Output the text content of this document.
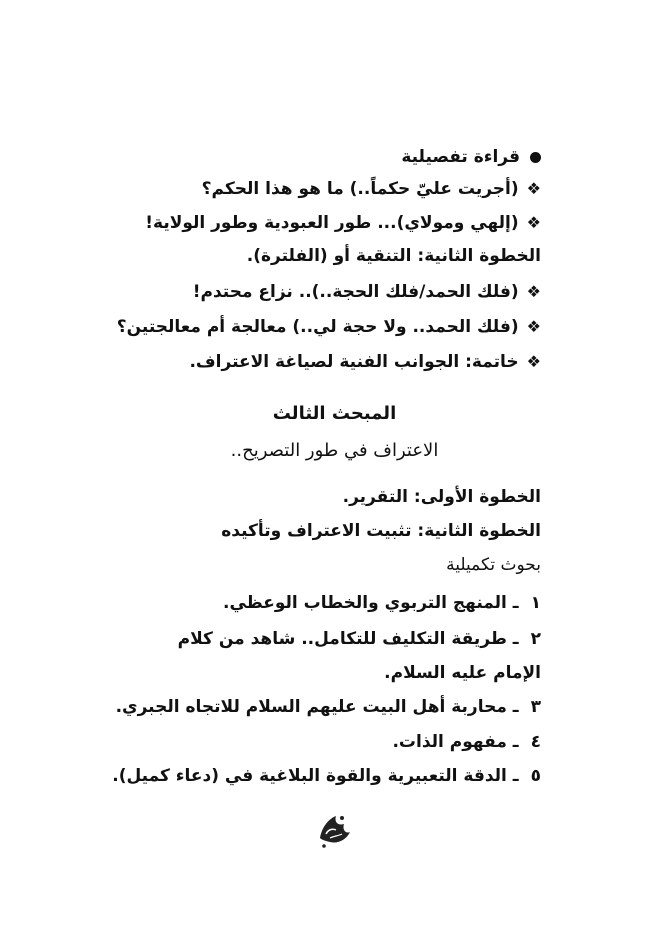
قراءة تفصيلية
❖(أجريت عليّ حكماً..) ما هو هذا الحكم؟
❖(إلهي ومولاي)... طور العبودية وطور الولاية!
الخطوة الثانية: التنقية أو (الفلترة).
❖(فلك الحمد/فلك الحجة..).. نزاع محتدم!
❖(فلك الحمد.. ولا حجة لي..) معالجة أم معالجتين؟
❖خاتمة: الجوانب الفنية لصياغة الاعتراف.
المبحث الثالث
الاعتراف في طور التصريح..
الخطوة الأولى: التقرير.
الخطوة الثانية: تثبيت الاعتراف وتأكيده
بحوث تكميلية
١ـ المنهج التربوي والخطاب الوعظي.
٢ـ طريقة التكليف للتكامل.. شاهد من كلام
الإمام عليه السلام.
٣ـ محاربة أهل البيت عليهم السلام للاتجاه الجبري.
٤ـ مفهوم الذات.
٥ـ الدقة التعبيرية والقوة البلاغية في (دعاء كميل).
